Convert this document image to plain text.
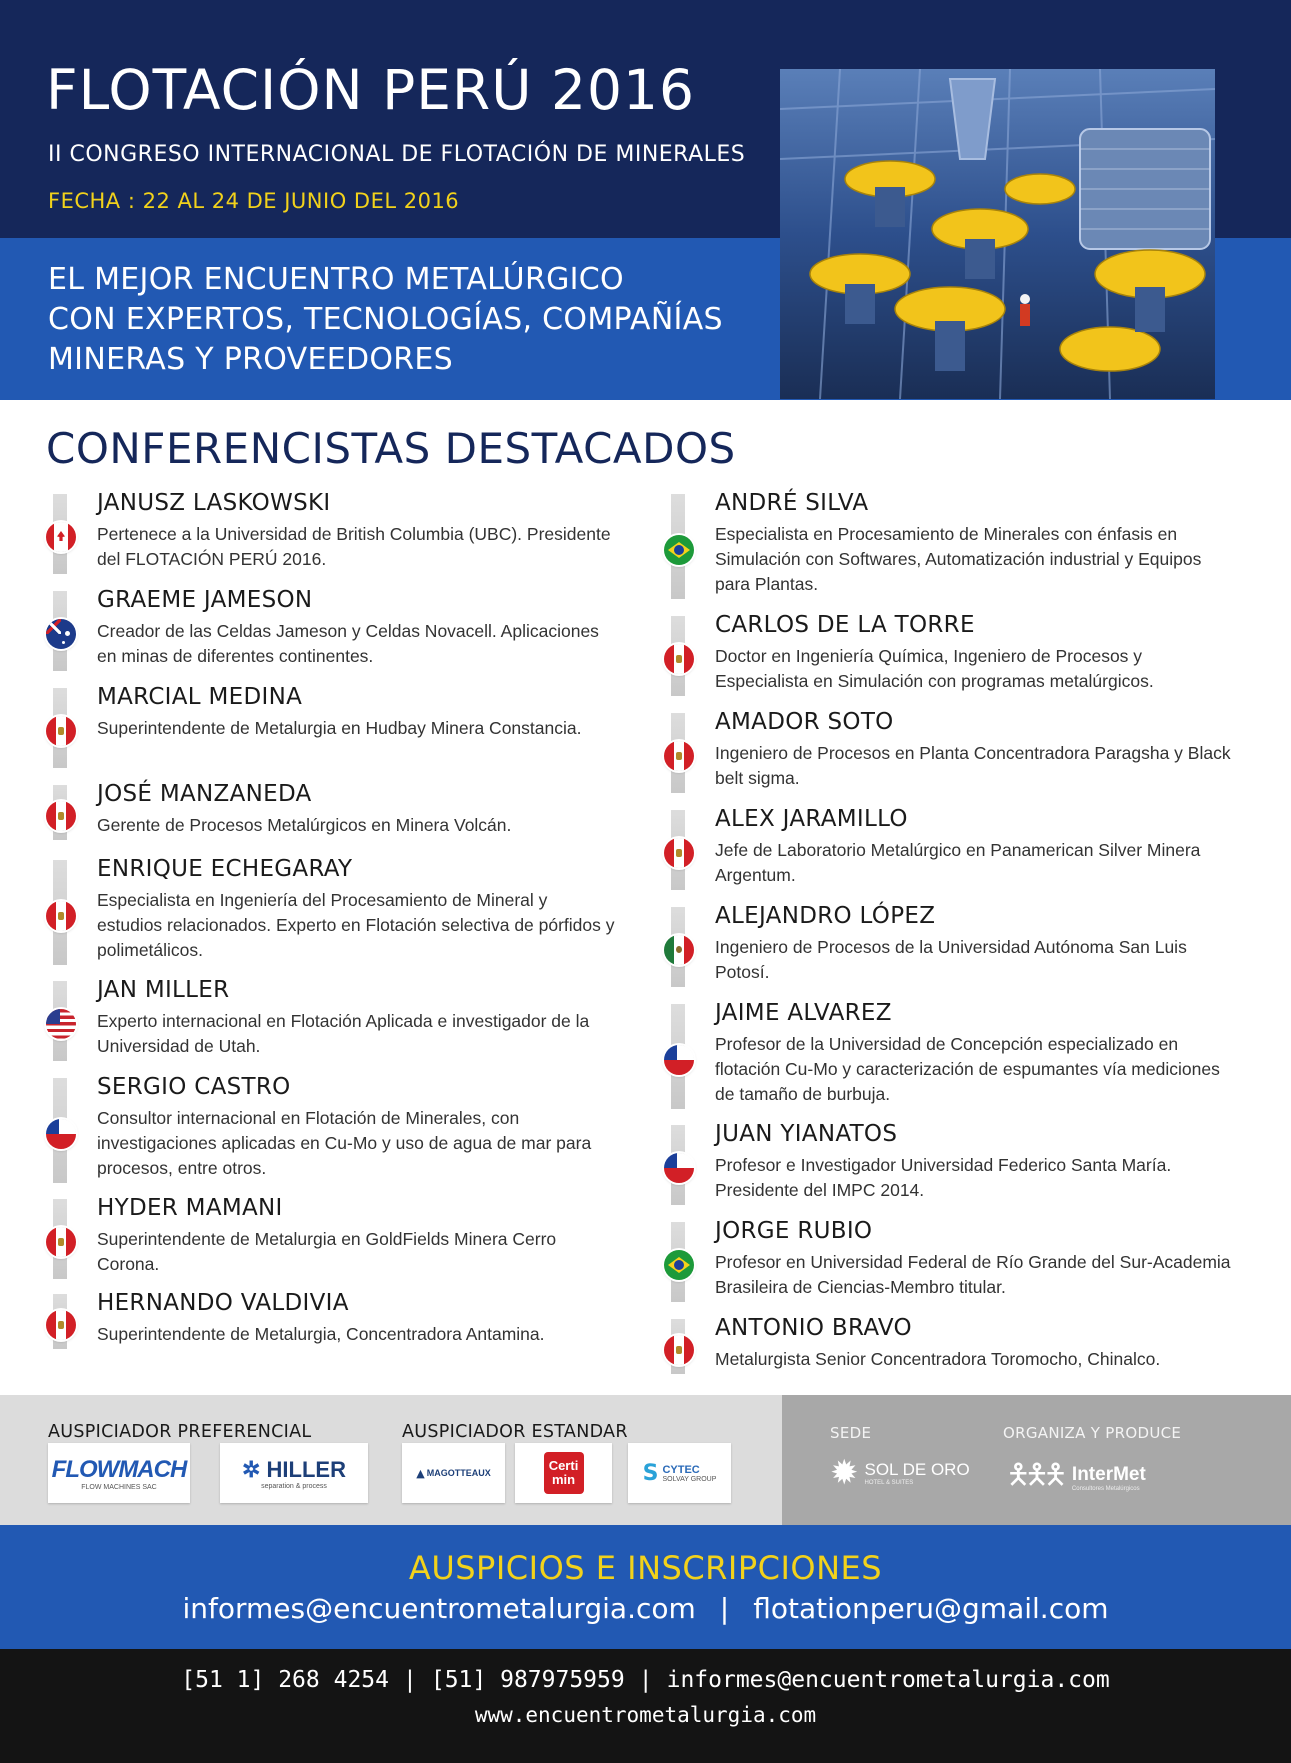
FLOTACIÓN PERÚ 2016
II CONGRESO INTERNACIONAL DE FLOTACIÓN DE MINERALES
FECHA : 22 AL 24 DE JUNIO DEL 2016
EL MEJOR ENCUENTRO METALÚRGICO
CON EXPERTOS, TECNOLOGÍAS, COMPAÑÍAS
MINERAS Y PROVEEDORES
CONFERENCISTAS DESTACADOS
JANUSZ LASKOWSKI
Pertenece a la Universidad de British Columbia (UBC). Presidente del FLOTACIÓN PERÚ 2016.
GRAEME JAMESON
Creador de las Celdas Jameson y Celdas Novacell. Aplicaciones en minas de diferentes continentes.
MARCIAL MEDINA
Superintendente de Metalurgia en Hudbay Minera Constancia.
JOSÉ MANZANEDA
Gerente de Procesos Metalúrgicos en Minera Volcán.
ENRIQUE ECHEGARAY
Especialista en Ingeniería del Procesamiento de Mineral y estudios relacionados. Experto en Flotación selectiva de pórfidos y polimetálicos.
JAN MILLER
Experto internacional en Flotación Aplicada e investigador de la Universidad de Utah.
SERGIO CASTRO
Consultor internacional en Flotación de Minerales, con investigaciones aplicadas en Cu-Mo y uso de agua de mar para procesos, entre otros.
HYDER MAMANI
Superintendente de Metalurgia en GoldFields Minera Cerro Corona.
HERNANDO VALDIVIA
Superintendente de Metalurgia, Concentradora Antamina.
ANDRÉ SILVA
Especialista en Procesamiento de Minerales con énfasis en Simulación con Softwares, Automatización industrial y Equipos para Plantas.
CARLOS DE LA TORRE
Doctor en Ingeniería Química, Ingeniero de Procesos y Especialista en Simulación con programas metalúrgicos.
AMADOR SOTO
Ingeniero de Procesos en Planta Concentradora Paragsha y Black belt sigma.
ALEX JARAMILLO
Jefe de Laboratorio Metalúrgico en Panamerican Silver Minera Argentum.
ALEJANDRO LÓPEZ
Ingeniero de Procesos de la Universidad Autónoma San Luis Potosí.
JAIME ALVAREZ
Profesor de la Universidad de Concepción especializado en flotación Cu-Mo y caracterización de espumantes vía mediciones de tamaño de burbuja.
JUAN YIANATOS
Profesor e Investigador Universidad Federico Santa María. Presidente del IMPC 2014.
JORGE RUBIO
Profesor en Universidad Federal de Río Grande del Sur-Academia Brasileira de Ciencias-Membro titular.
ANTONIO BRAVO
Metalurgista Senior Concentradora Toromocho, Chinalco.
AUSPICIADOR PREFERENCIAL	AUSPICIADOR ESTANDAR	SEDE	ORGANIZA Y PRODUCE
FLOWMACH
FLOW MACHINES SAC
✲ HILLER
separation & process
▲ MAGOTTEAUX	Certi min	S CYTEC
SOLVAY GROUP	✹ SOL DE ORO
HOTEL & SUITES	🯅🯅🯅 InterMet
Consultores Metalúrgicos
AUSPICIOS E INSCRIPCIONES
informes@encuentrometalurgia.com | flotationperu@gmail.com
[51 1] 268 4254 | [51] 987975959 | informes@encuentrometalurgia.com
www.encuentrometalurgia.com
